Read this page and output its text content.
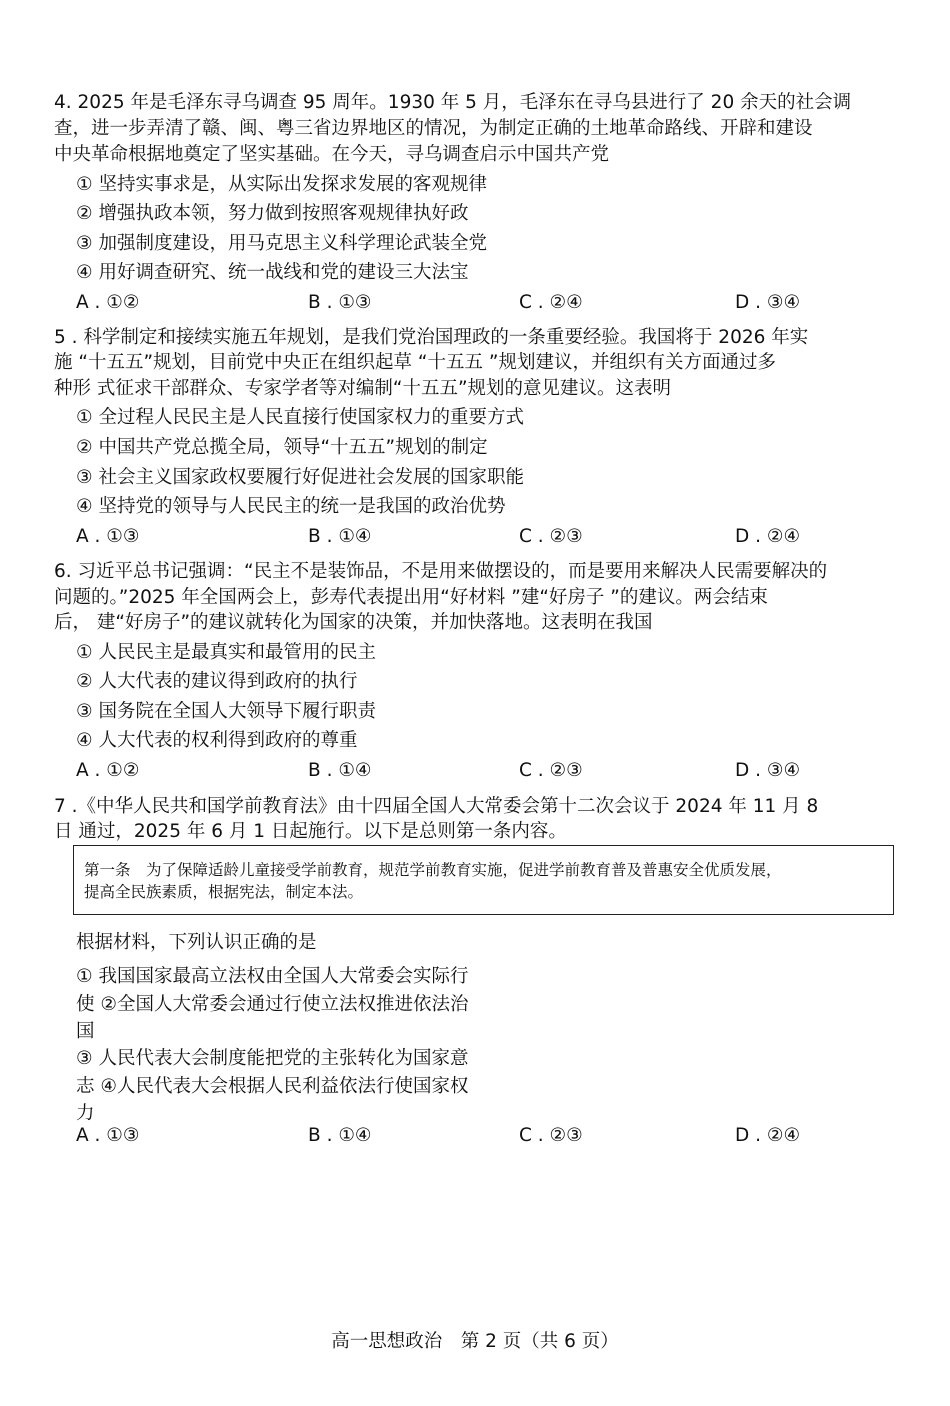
4. 2025 年是毛泽东寻乌调查 95 周年。1930 年 5 月，毛泽东在寻乌县进行了 20 余天的社会调
查，进一步弄清了赣、闽、粤三省边界地区的情况，为制定正确的土地革命路线、开辟和建设
中央革命根据地奠定了坚实基础。在今天，寻乌调查启示中国共产党
① 坚持实事求是，从实际出发探求发展的客观规律
② 增强执政本领，努力做到按照客观规律执好政
③ 加强制度建设，用马克思主义科学理论武装全党
④ 用好调查研究、统一战线和党的建设三大法宝
A . ①②	B . ①③	C . ②④	D . ③④
5 . 科学制定和接续实施五年规划，是我们党治国理政的一条重要经验。我国将于 2026 年实
施 “十五五”规划，目前党中央正在组织起草 “十五五 ”规划建议，并组织有关方面通过多
种形 式征求干部群众、专家学者等对编制“十五五”规划的意见建议。这表明
① 全过程人民民主是人民直接行使国家权力的重要方式
② 中国共产党总揽全局，领导“十五五”规划的制定
③ 社会主义国家政权要履行好促进社会发展的国家职能
④ 坚持党的领导与人民民主的统一是我国的政治优势
A . ①③	B . ①④	C . ②③	D . ②④
6. 习近平总书记强调：“民主不是装饰品，不是用来做摆设的，而是要用来解决人民需要解决的
问题的。”2025 年全国两会上，彭寿代表提出用“好材料 ”建“好房子 ”的建议。两会结束
后， 建“好房子”的建议就转化为国家的决策，并加快落地。这表明在我国
① 人民民主是最真实和最管用的民主
② 人大代表的建议得到政府的执行
③ 国务院在全国人大领导下履行职责
④ 人大代表的权利得到政府的尊重
A . ①②	B . ①④	C . ②③	D . ③④
7 .《中华人民共和国学前教育法》由十四届全国人大常委会第十二次会议于 2024 年 11 月 8
日 通过，2025 年 6 月 1 日起施行。以下是总则第一条内容。
第一条　为了保障适龄儿童接受学前教育，规范学前教育实施，促进学前教育普及普惠安全优质发展，
提高全民族素质，根据宪法，制定本法。
根据材料，下列认识正确的是
① 我国国家最高立法权由全国人大常委会实际行
使 ②全国人大常委会通过行使立法权推进依法治
国
③ 人民代表大会制度能把党的主张转化为国家意
志 ④人民代表大会根据人民利益依法行使国家权
力
A . ①③	B . ①④	C . ②③	D . ②④
高一思想政治　第 2 页（共 6 页）
